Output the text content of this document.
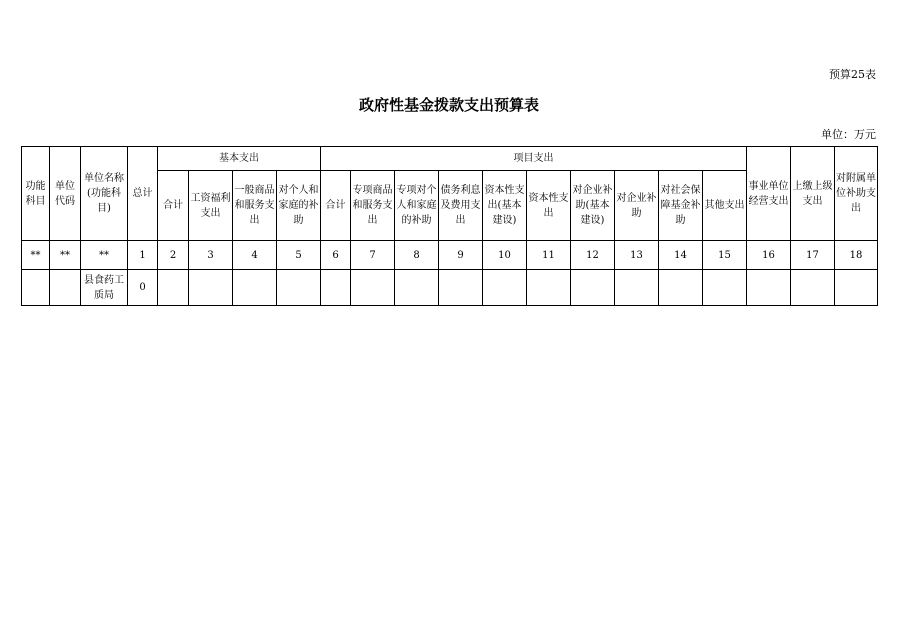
预算25表
政府性基金拨款支出预算表
单位：万元
功能科目	单位代码	单位名称(功能科目)	总计	基本支出				项目支出										事业单位经营支出	上缴上级支出	对附属单位补助支出
				合计	工资福利支出	一般商品和服务支出	对个人和家庭的补助	合计	专项商品和服务支出	专项对个人和家庭的补助	债务利息及费用支出	资本性支出(基本建设)	资本性支出	对企业补助(基本建设)	对企业补助	对社会保障基金补助	其他支出			
**	**	**	1	2	3	4	5	6	7	8	9	10	11	12	13	14	15	16	17	18
		县食药工质局	0																	
